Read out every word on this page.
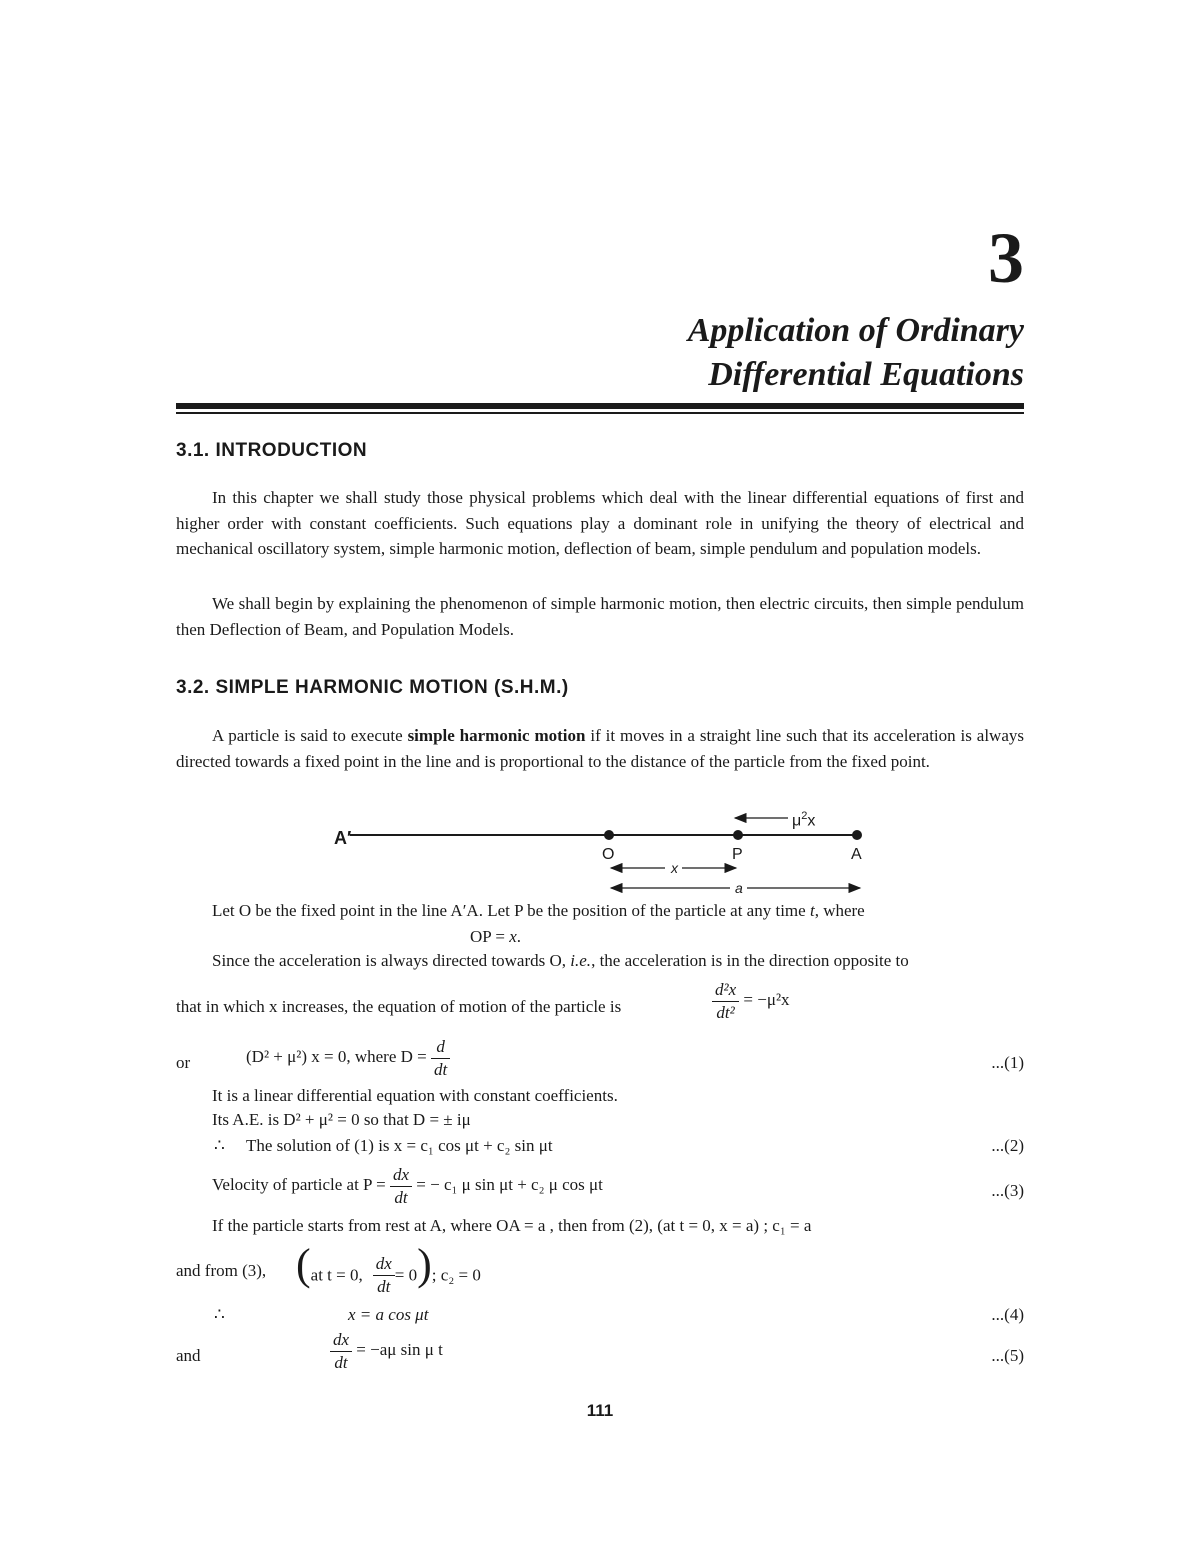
3
Application of Ordinary
Differential Equations
3.1. INTRODUCTION
In this chapter we shall study those physical problems which deal with the linear differential equations of first and higher order with constant coefficients. Such equations play a dominant role in unifying the theory of electrical and mechanical oscillatory system, simple harmonic motion, deflection of beam, simple pendulum and population models.
We shall begin by explaining the phenomenon of simple harmonic motion, then electric circuits, then simple pendulum then Deflection of Beam, and Population Models.
3.2. SIMPLE HARMONIC MOTION (S.H.M.)
A particle is said to execute simple harmonic motion if it moves in a straight line such that its acceleration is always directed towards a fixed point in the line and is proportional to the distance of the particle from the fixed point.
A′
O	P	A
$\mu^2x$
x
a
Let O be the fixed point in the line A′A. Let P be the position of the particle at any time t, where
OP = x.
Since the acceleration is always directed towards O, i.e., the acceleration is in the direction opposite to
that in which x increases, the equation of motion of the particle is	$\frac{\text{d²x}}{\text{dt²}} = -\mu^2x$
or	(D² + μ²) x = 0, where $D = \frac{d}{dt}$	...(1)
It is a linear differential equation with constant coefficients.
Its A.E. is D² + μ² = 0 so that D = ± iμ
∴ The solution of (1) is x = c₁ cos μt + c₂ sin μt	...(2)
Velocity of particle at $P = \frac{dx}{dt}$ = − c₁ μ sin μt + c₂ μ cos μt	...(3)
If the particle starts from rest at A, where OA = a , then from (2), (at t = 0, x = a) ; c₁ = a
and from (3), (at t = 0, $\frac{dx}{dt} = 0$); c₂ = 0
∴	x = a cos μt	...(4)
and	$\frac{dx}{dt} = -a\mu$ sin μ t	...(5)
111
